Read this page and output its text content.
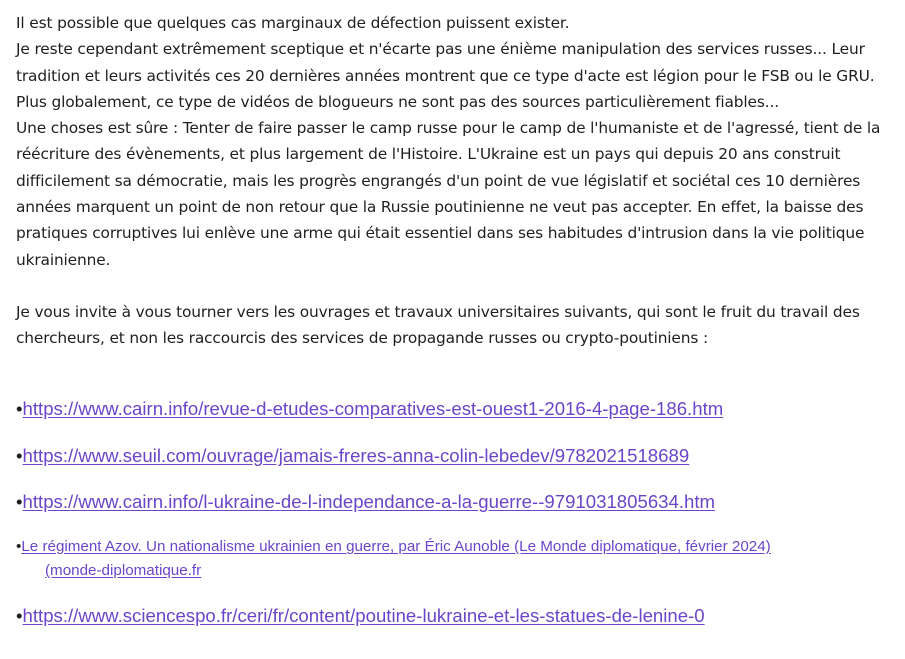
Il est possible que quelques cas marginaux de défection puissent exister.

Je reste cependant extrêmement sceptique et n'écarte pas une énième manipulation des services russes... Leur tradition et leurs activités ces 20 dernières années montrent que ce type d'acte est légion pour le FSB ou le GRU.

Plus globalement, ce type de vidéos de blogueurs ne sont pas des sources particulièrement fiables...

Une choses est sûre : Tenter de faire passer le camp russe pour le camp de l'humaniste et de l'agressé, tient de la réécriture des évènements, et plus largement de l'Histoire. L'Ukraine est un pays qui depuis 20 ans construit difficilement sa démocratie, mais les progrès engrangés d'un point de vue législatif et sociétal ces 10 dernières années marquent un point de non retour que la Russie poutinienne ne veut pas accepter. En effet, la baisse des pratiques corruptives lui enlève une arme qui était essentiel dans ses habitudes d'intrusion dans la vie politique ukrainienne.

Je vous invite à vous tourner vers les ouvrages et travaux universitaires suivants, qui sont le fruit du travail des chercheurs, et non les raccourcis des services de propagande russes ou crypto-poutiniens :

•https://www.cairn.info/revue-d-etudes-comparatives-est-ouest1-2016-4-page-186.htm
•https://www.seuil.com/ouvrage/jamais-freres-anna-colin-lebedev/9782021518689
•https://www.cairn.info/l-ukraine-de-l-independance-a-la-guerre--9791031805634.htm
•Le régiment Azov. Un nationalisme ukrainien en guerre, par Éric Aunoble (Le Monde diplomatique, février 2024)
(monde-diplomatique.fr
•https://www.sciencespo.fr/ceri/fr/content/poutine-lukraine-et-les-statues-de-lenine-0
